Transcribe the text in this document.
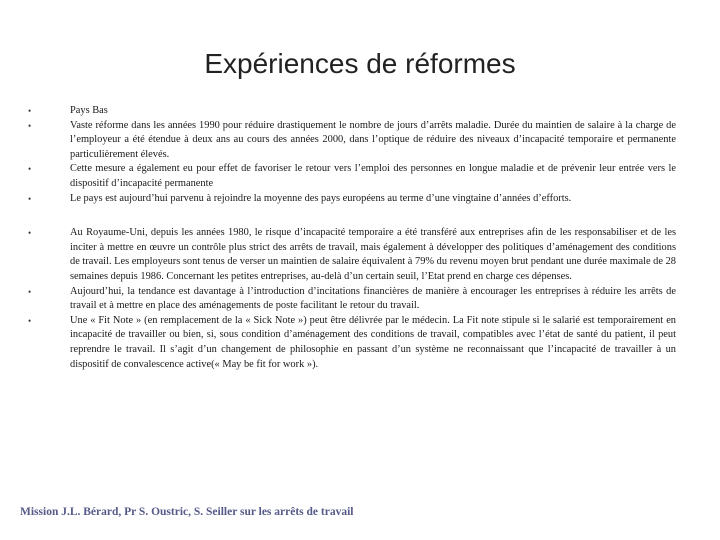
Expériences de réformes
•	Pays Bas
•	Vaste réforme dans les années 1990 pour réduire drastiquement le nombre de jours d’arrêts maladie. Durée du maintien de salaire à la charge de l’employeur a été étendue à deux ans au cours des années 2000, dans l’optique de réduire des niveaux d’incapacité temporaire et permanente particulièrement élevés.
•	Cette mesure a également eu pour effet de favoriser le retour vers l’emploi des personnes en longue maladie et de prévenir leur entrée vers le dispositif d’incapacité permanente
•	Le pays est aujourd’hui parvenu à rejoindre la moyenne des pays européens au terme d’une vingtaine d’années d’efforts.
•	Au Royaume-Uni, depuis les années 1980, le risque d’incapacité temporaire a été transféré aux entreprises afin de les responsabiliser et de les inciter à mettre en œuvre un contrôle plus strict des arrêts de travail, mais également à développer des politiques d’aménagement des conditions de travail. Les employeurs sont tenus de verser un maintien de salaire équivalent à 79% du revenu moyen brut pendant une durée maximale de 28 semaines depuis 1986. Concernant les petites entreprises, au-delà d’un certain seuil, l’Etat prend en charge ces dépenses.
•	Aujourd’hui, la tendance est davantage à l’introduction d’incitations financières de manière à encourager les entreprises à réduire les arrêts de travail et à mettre en place des aménagements de poste facilitant le retour du travail.
•	Une « Fit Note » (en remplacement de la « Sick Note ») peut être délivrée par le médecin. La Fit note stipule si le salarié est temporairement en incapacité de travailler ou bien, si, sous condition d’aménagement des conditions de travail, compatibles avec l’état de santé du patient, il peut reprendre le travail. Il s’agit d’un changement de philosophie en passant d’un système ne reconnaissant que l’incapacité de travailler à un dispositif de convalescence active(« May be fit for work »).
Mission J.L. Bérard, Pr S. Oustric, S. Seiller sur les arrêts de travail
